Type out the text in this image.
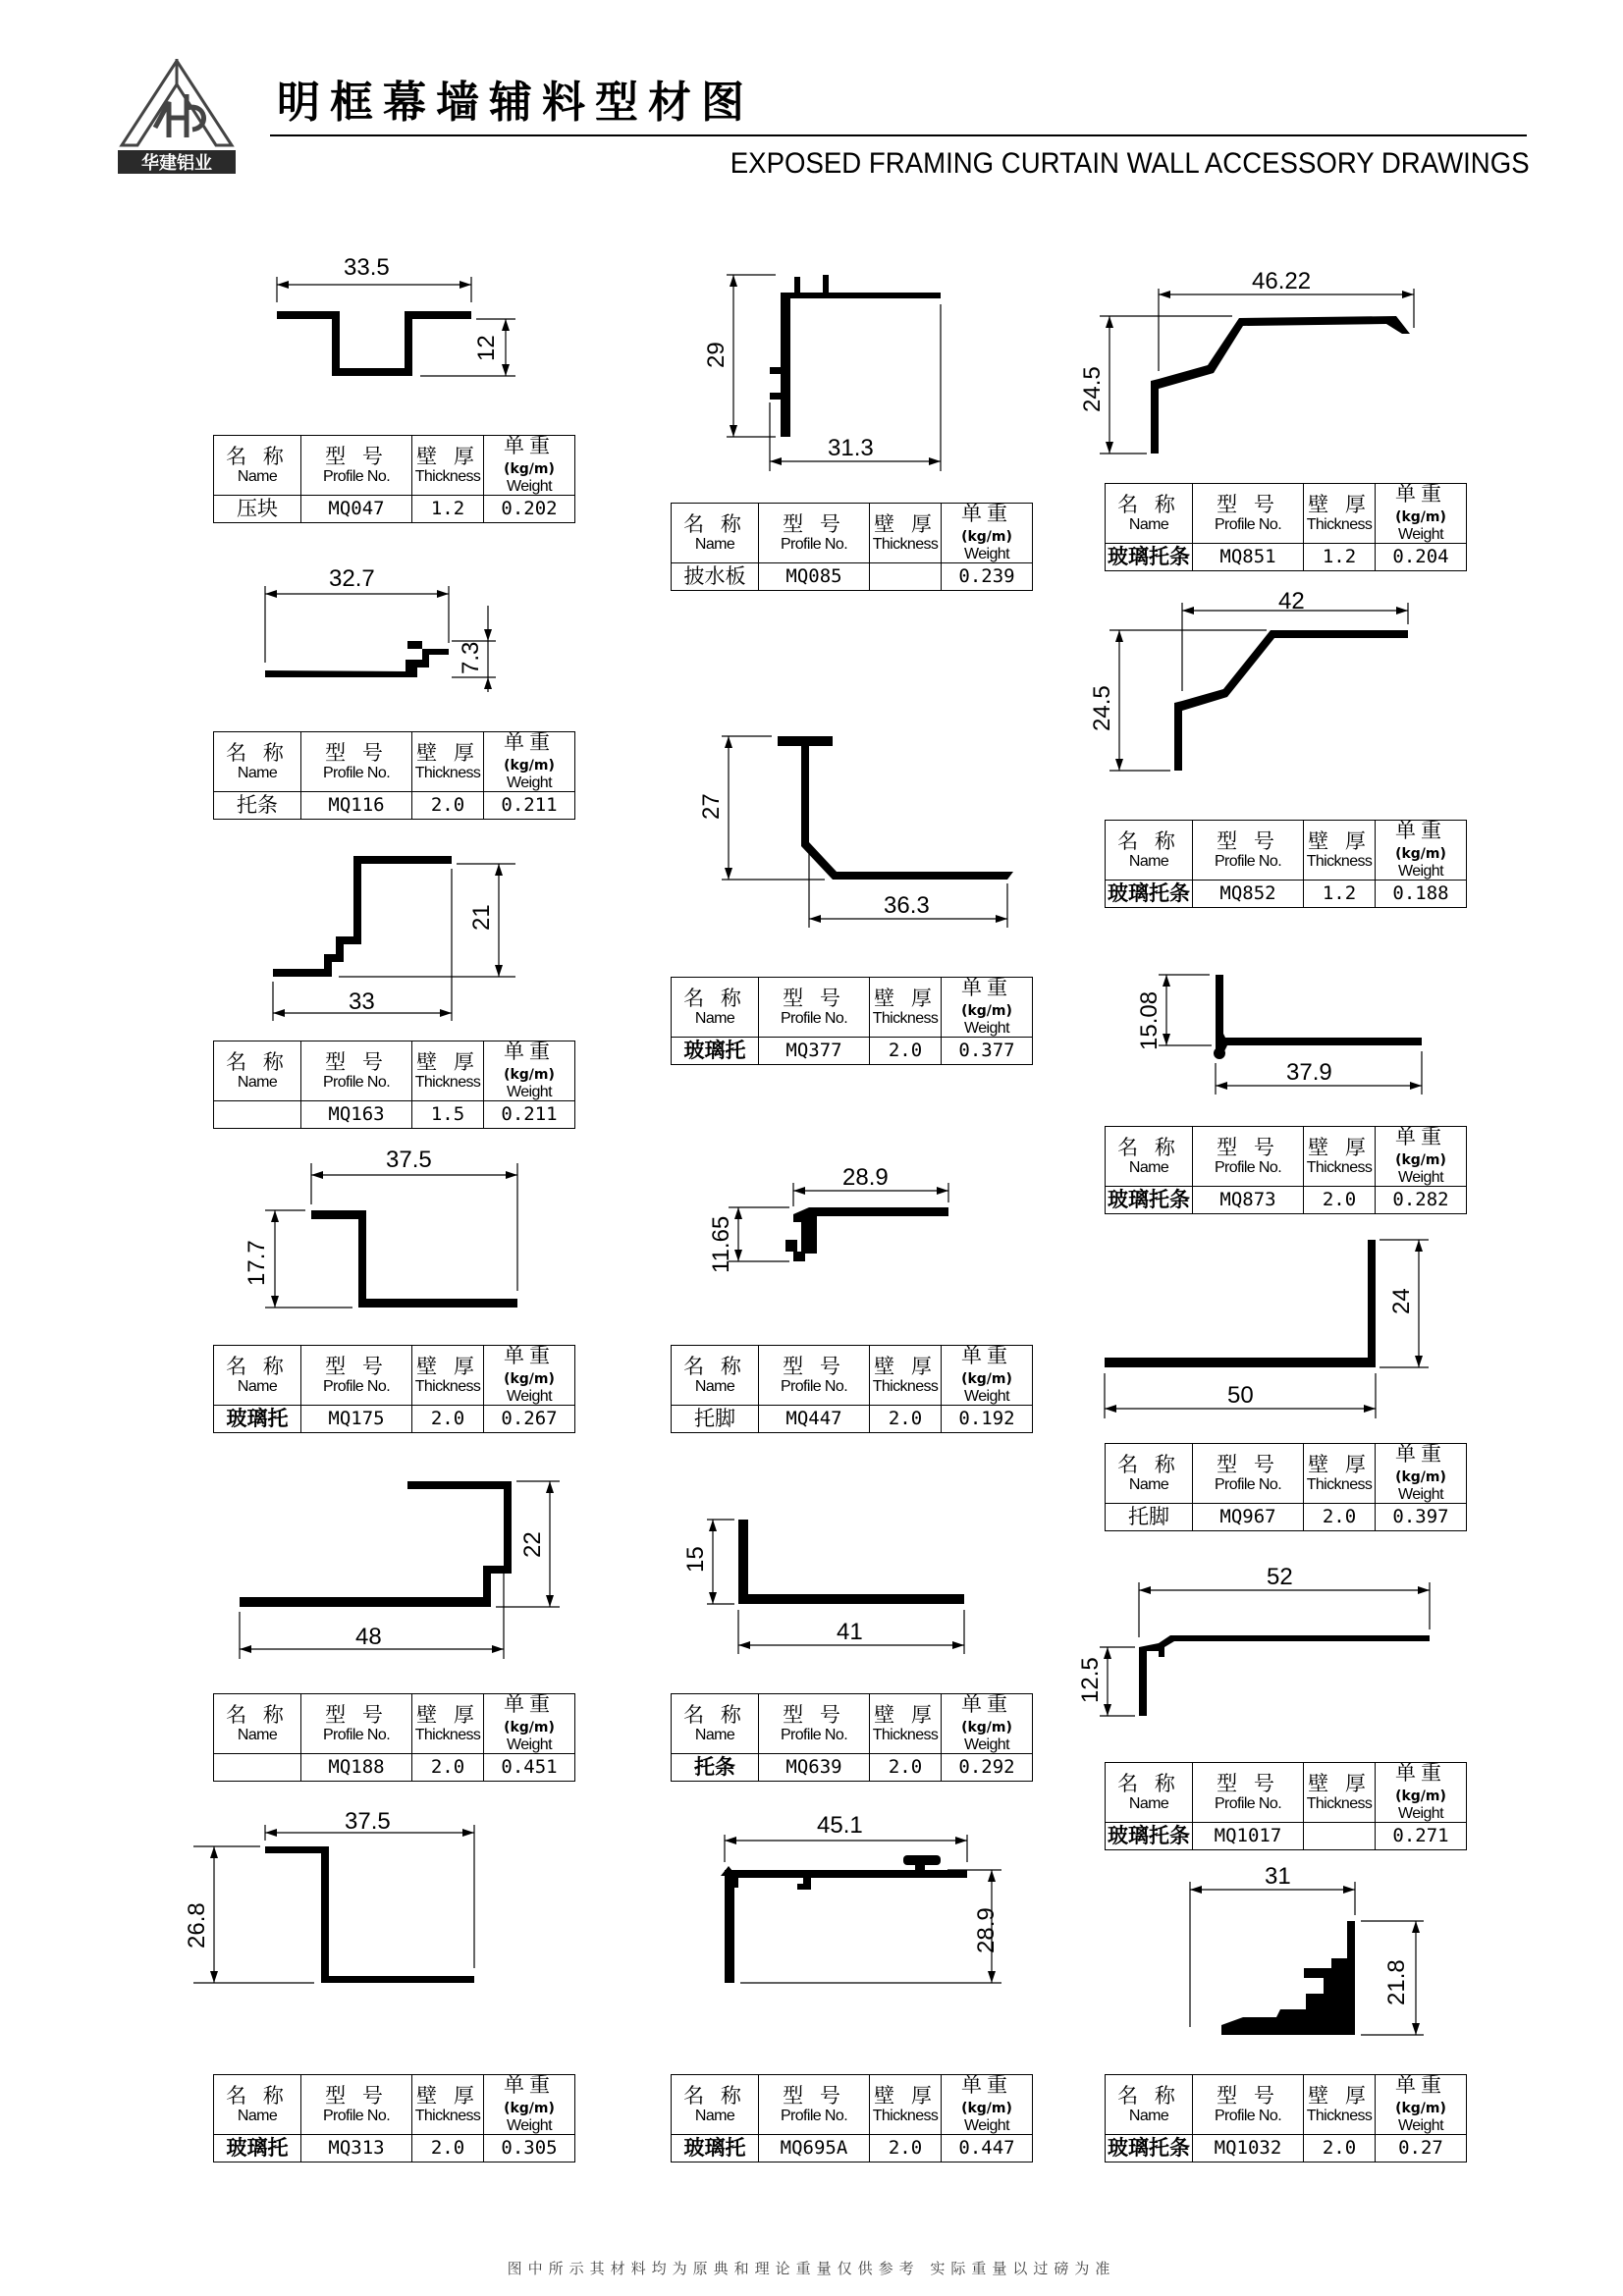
华建铝业
明框幕墙辅料型材图
EXPOSED FRAMING CURTAIN WALL ACCESSORY DRAWINGS
33.5
12
名 称
Name	型 号
Profile No.	壁 厚
Thickness	单重(kg/m)
Weight

压块	MQ047	1.2	0.202
32.7
7.3
名 称
Name	型 号
Profile No.	壁 厚
Thickness	单重(kg/m)
Weight

托条	MQ116	2.0	0.211
21
33
名 称
Name	型 号
Profile No.	壁 厚
Thickness	单重(kg/m)
Weight

	MQ163	1.5	0.211
37.5
17.7
名 称
Name	型 号
Profile No.	壁 厚
Thickness	单重(kg/m)
Weight

玻璃托	MQ175	2.0	0.267
22
48
名 称
Name	型 号
Profile No.	壁 厚
Thickness	单重(kg/m)
Weight

	MQ188	2.0	0.451
37.5
26.8
名 称
Name	型 号
Profile No.	壁 厚
Thickness	单重(kg/m)
Weight

玻璃托	MQ313	2.0	0.305
29
31.3
名 称
Name	型 号
Profile No.	壁 厚
Thickness	单重(kg/m)
Weight

披水板	MQ085		0.239
27
36.3
名 称
Name	型 号
Profile No.	壁 厚
Thickness	单重(kg/m)
Weight

玻璃托	MQ377	2.0	0.377
28.9
11.65
名 称
Name	型 号
Profile No.	壁 厚
Thickness	单重(kg/m)
Weight

托脚	MQ447	2.0	0.192
15
41
名 称
Name	型 号
Profile No.	壁 厚
Thickness	单重(kg/m)
Weight

托条	MQ639	2.0	0.292
45.1
28.9
名 称
Name	型 号
Profile No.	壁 厚
Thickness	单重(kg/m)
Weight

玻璃托	MQ695A	2.0	0.447
46.22
24.5
名 称
Name	型 号
Profile No.	壁 厚
Thickness	单重(kg/m)
Weight

玻璃托条	MQ851	1.2	0.204
42
24.5
名 称
Name	型 号
Profile No.	壁 厚
Thickness	单重(kg/m)
Weight

玻璃托条	MQ852	1.2	0.188
15.08
37.9
名 称
Name	型 号
Profile No.	壁 厚
Thickness	单重(kg/m)
Weight

玻璃托条	MQ873	2.0	0.282
24
50
名 称
Name	型 号
Profile No.	壁 厚
Thickness	单重(kg/m)
Weight

托脚	MQ967	2.0	0.397
52
12.5
名 称
Name	型 号
Profile No.	壁 厚
Thickness	单重(kg/m)
Weight

玻璃托条	MQ1017		0.271
31
21.8
名 称
Name	型 号
Profile No.	壁 厚
Thickness	单重(kg/m)
Weight

玻璃托条	MQ1032	2.0	0.27
图中所示其材料均为原典和理论重量仅供参考 实际重量以过磅为准
